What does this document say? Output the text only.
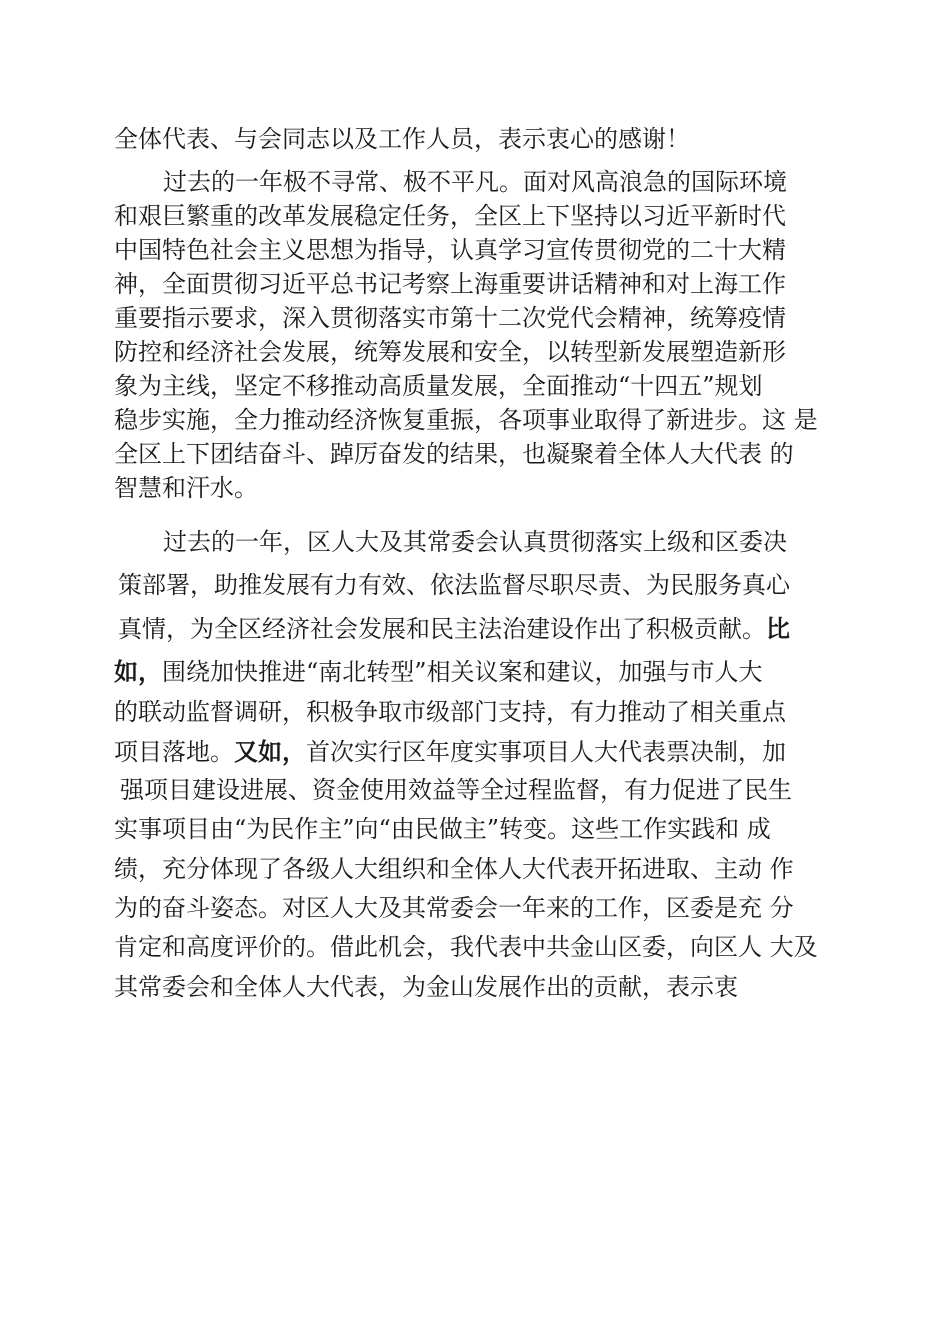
全体代表、与会同志以及工作人员，表示衷心的感谢！

过去的一年极不寻常、极不平凡。面对风高浪急的国际环境

和艰巨繁重的改革发展稳定任务，全区上下坚持以习近平新时代

中国特色社会主义思想为指导，认真学习宣传贯彻党的二十大精

神，全面贯彻习近平总书记考察上海重要讲话精神和对上海工作

重要指示要求，深入贯彻落实市第十二次党代会精神，统筹疫情

防控和经济社会发展，统筹发展和安全，以转型新发展塑造新形

象为主线，坚定不移推动高质量发展，全面推动“十四五”规划

稳步实施，全力推动经济恢复重振，各项事业取得了新进步。这 是

全区上下团结奋斗、踔厉奋发的结果，也凝聚着全体人大代表 的

智慧和汗水。

过去的一年，区人大及其常委会认真贯彻落实上级和区委决

策部署，助推发展有力有效、依法监督尽职尽责、为民服务真心

真情，为全区经济社会发展和民主法治建设作出了积极贡献。比

如，围绕加快推进“南北转型”相关议案和建议，加强与市人大

的联动监督调研，积极争取市级部门支持，有力推动了相关重点

项目落地。又如，首次实行区年度实事项目人大代表票决制，加

强项目建设进展、资金使用效益等全过程监督，有力促进了民生

实事项目由“为民作主”向“由民做主”转变。这些工作实践和 成

绩，充分体现了各级人大组织和全体人大代表开拓进取、主动 作

为的奋斗姿态。对区人大及其常委会一年来的工作，区委是充 分

肯定和高度评价的。借此机会，我代表中共金山区委，向区人 大及

其常委会和全体人大代表，为金山发展作出的贡献，表示衷
